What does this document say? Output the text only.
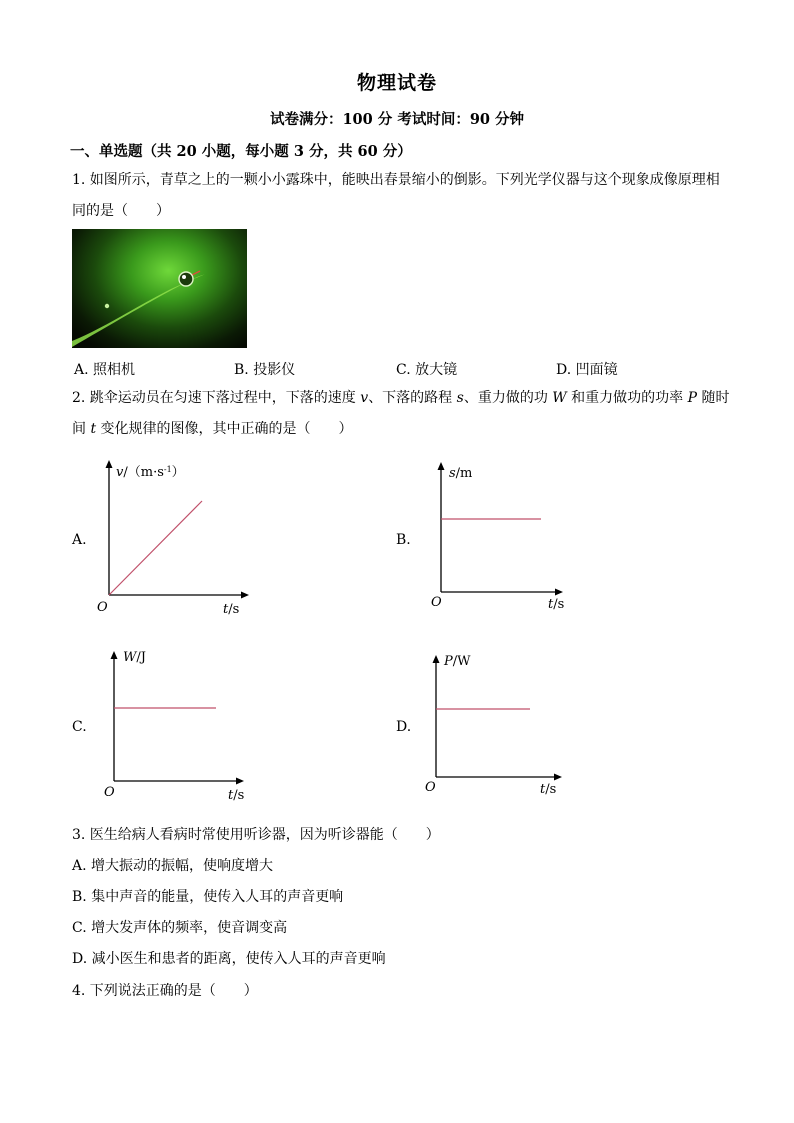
物理试卷
试卷满分：100 分 考试时间：90 分钟
一、单选题（共 20 小题，每小题 3 分，共 60 分）
1. 如图所示，青草之上的一颗小小露珠中，能映出春景缩小的倒影。下列光学仪器与这个现象成像原理相
同的是（　　）
A. 照相机	B. 投影仪	C. 放大镜	D. 凹面镜
2. 跳伞运动员在匀速下落过程中，下落的速度 v、下落的路程 s、重力做的功 W 和重力做功的功率 P 随时
间 t 变化规律的图像，其中正确的是（　　）
A.
$v/(m\cdot s^{-1})$
O	t/s
B.
s/m
O	t/s
C.
W/J
O	t/s
D.
P/W
O	t/s
3. 医生给病人看病时常使用听诊器，因为听诊器能（　　）
A. 增大振动的振幅，使响度增大
B. 集中声音的能量，使传入人耳的声音更响
C. 增大发声体的频率，使音调变高
D. 减小医生和患者的距离，使传入人耳的声音更响
4. 下列说法正确的是（　　）
